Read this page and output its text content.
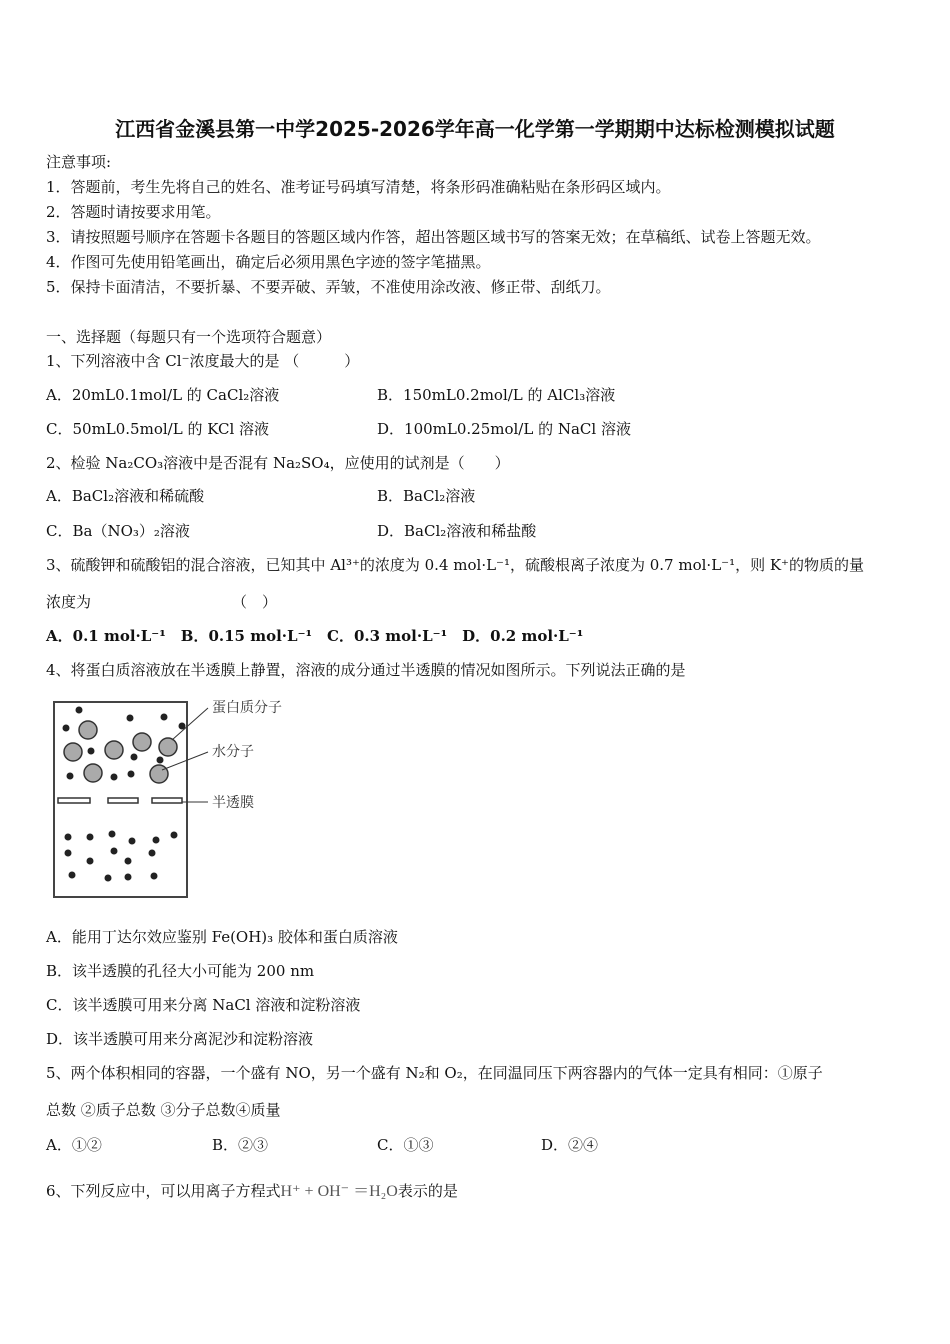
江西省金溪县第一中学2025-2026学年高一化学第一学期期中达标检测模拟试题
注意事项:
1．答题前，考生先将自己的姓名、准考证号码填写清楚，将条形码准确粘贴在条形码区域内。
2．答题时请按要求用笔。
3．请按照题号顺序在答题卡各题目的答题区域内作答，超出答题区域书写的答案无效；在草稿纸、试卷上答题无效。
4．作图可先使用铅笔画出，确定后必须用黑色字迹的签字笔描黑。
5．保持卡面清洁，不要折暴、不要弄破、弄皱，不准使用涂改液、修正带、刮纸刀。
一、选择题（每题只有一个选项符合题意）
1、下列溶液中含 Cl⁻浓度最大的是 （　　　）
A．20mL0.1mol/L 的 CaCl₂溶液	B．150mL0.2mol/L 的 AlCl₃溶液
C．50mL0.5mol/L 的 KCl 溶液	D．100mL0.25mol/L 的 NaCl 溶液
2、检验 Na₂CO₃溶液中是否混有 Na₂SO₄，应使用的试剂是（　　）
A．BaCl₂溶液和稀硫酸	B．BaCl₂溶液
C．Ba（NO₃）₂溶液	D．BaCl₂溶液和稀盐酸
3、硫酸钾和硫酸铝的混合溶液，已知其中 Al³⁺的浓度为 0.4 mol·L⁻¹，硫酸根离子浓度为 0.7 mol·L⁻¹，则 K⁺的物质的量
浓度为	（　）
A．0.1 mol·L⁻¹　B．0.15 mol·L⁻¹　C．0.3 mol·L⁻¹　D．0.2 mol·L⁻¹
4、将蛋白质溶液放在半透膜上静置，溶液的成分通过半透膜的情况如图所示。下列说法正确的是
蛋白质分子
水分子
半透膜
A．能用丁达尔效应鉴别 Fe(OH)₃ 胶体和蛋白质溶液
B．该半透膜的孔径大小可能为 200 nm
C．该半透膜可用来分离 NaCl 溶液和淀粉溶液
D．该半透膜可用来分离泥沙和淀粉溶液
5、两个体积相同的容器，一个盛有 NO，另一个盛有 N₂和 O₂，在同温同压下两容器内的气体一定具有相同：①原子
总数 ②质子总数 ③分子总数④质量
A．①②	B．②③	C．①③	D．②④
6、下列反应中，可以用离子方程式H⁺ + OH⁻ ＝H₂O表示的是
